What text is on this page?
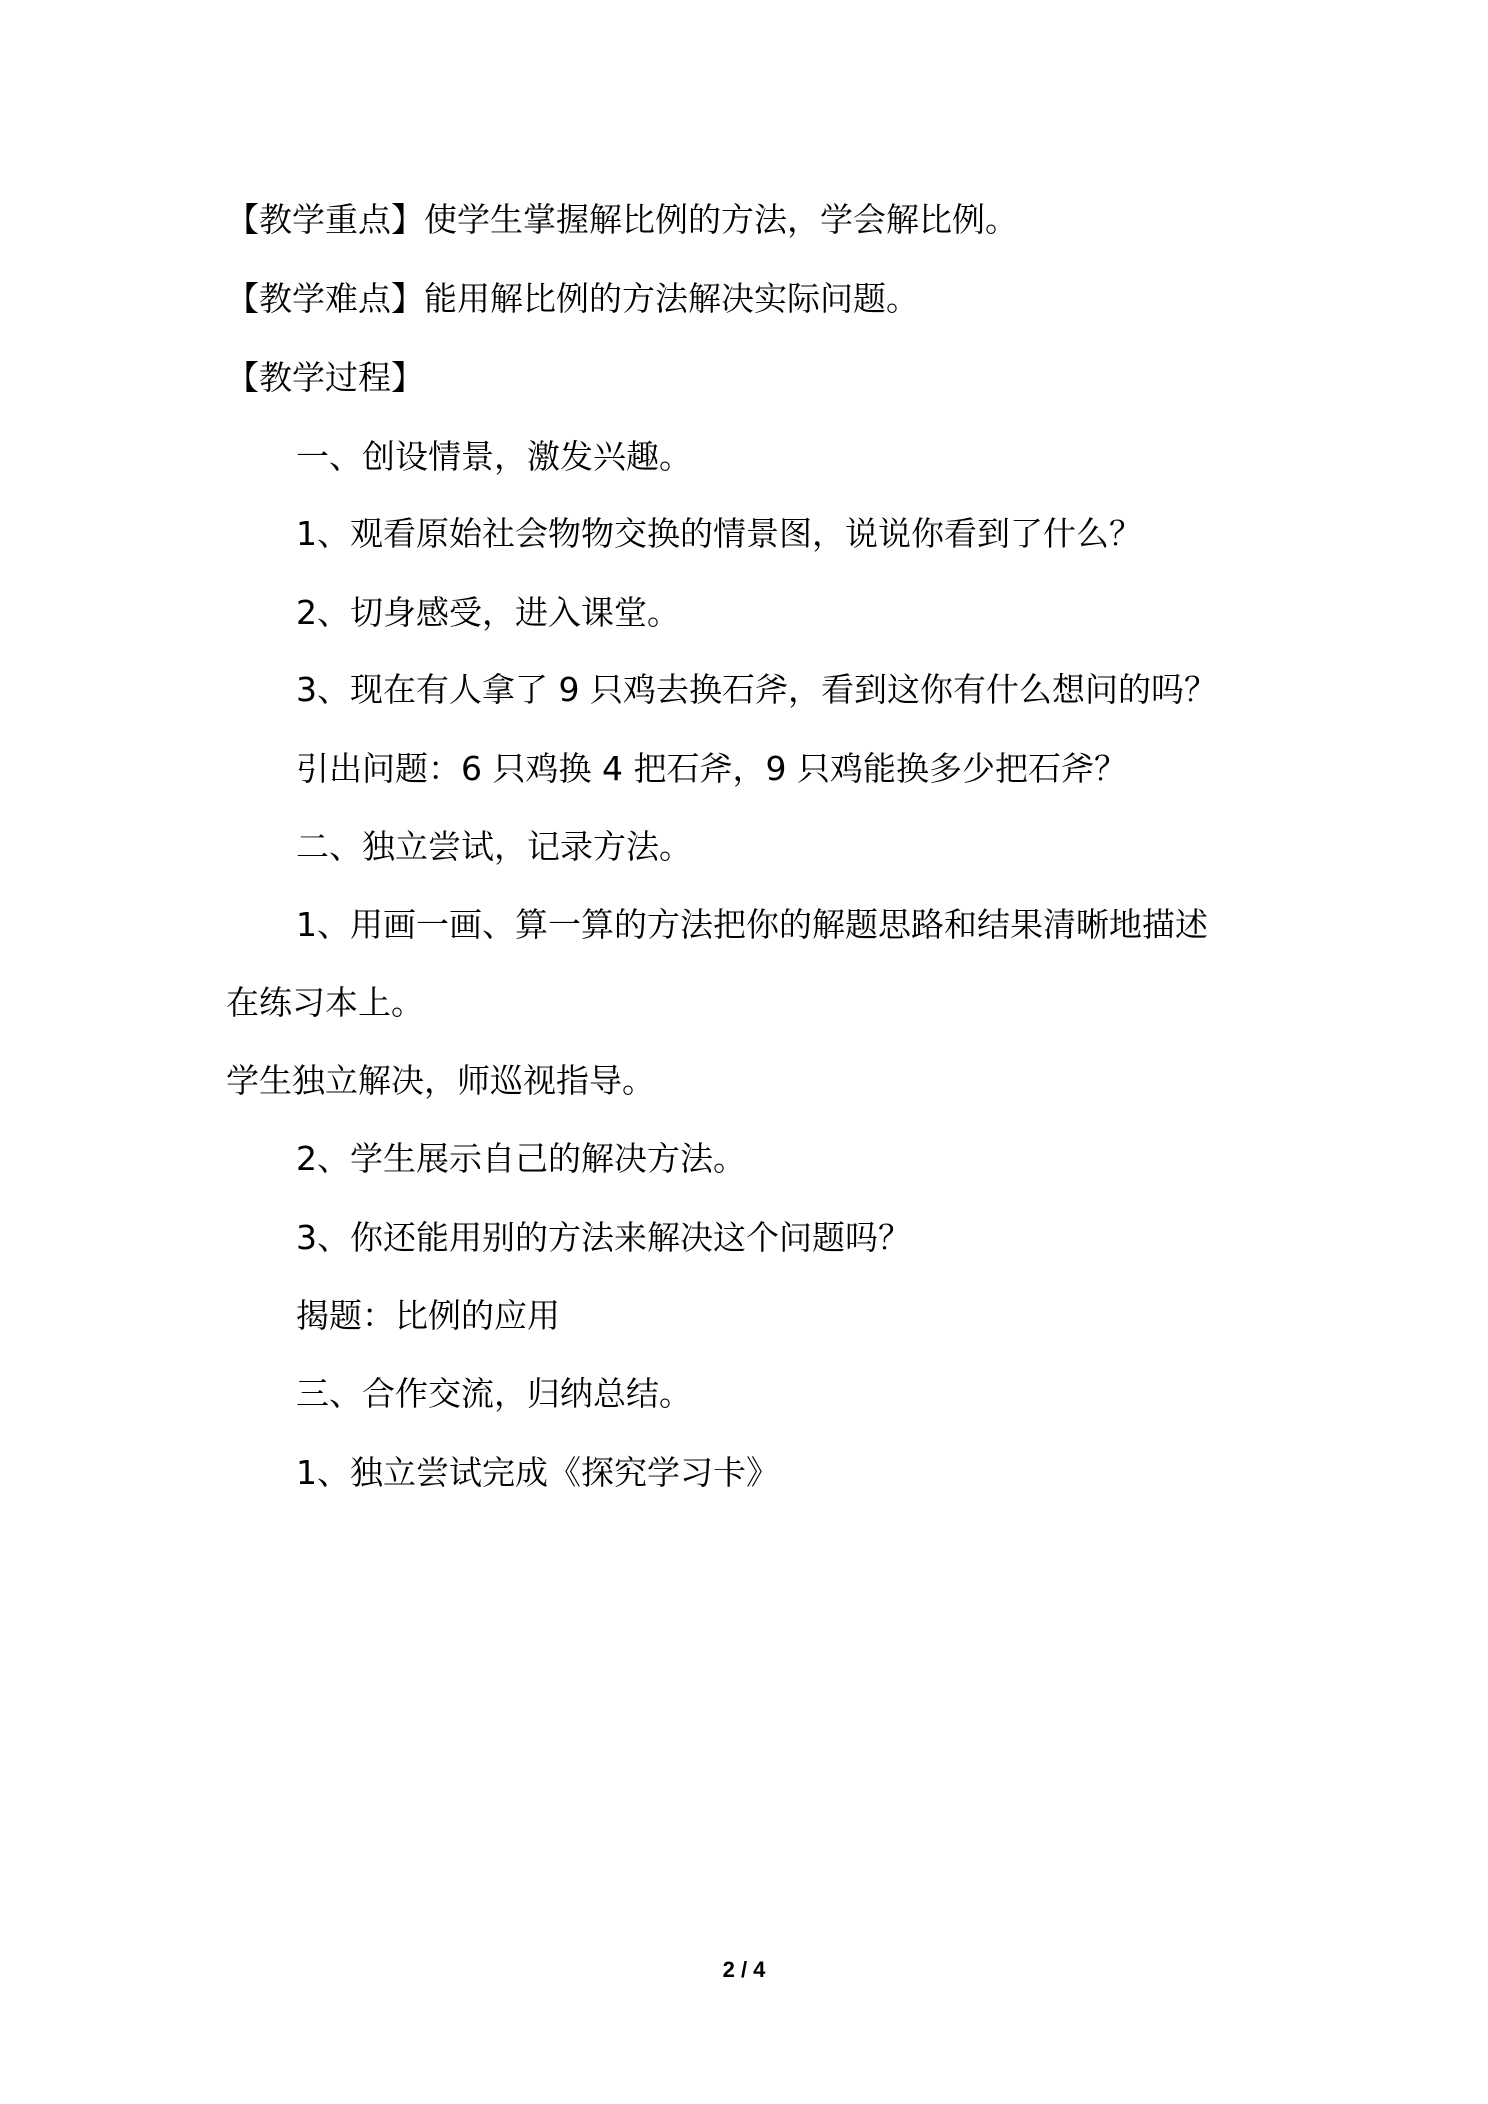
【教学重点】使学生掌握解比例的方法，学会解比例。
【教学难点】能用解比例的方法解决实际问题。
【教学过程】
一、创设情景，激发兴趣。
1、观看原始社会物物交换的情景图，说说你看到了什么？
2、切身感受，进入课堂。
3、现在有人拿了 9 只鸡去换石斧，看到这你有什么想问的吗？
引出问题：6 只鸡换 4 把石斧，9 只鸡能换多少把石斧？
二、独立尝试，记录方法。
1、用画一画、算一算的方法把你的解题思路和结果清晰地描述
在练习本上。
学生独立解决，师巡视指导。
2、学生展示自己的解决方法。
3、你还能用别的方法来解决这个问题吗？
揭题：比例的应用
三、合作交流，归纳总结。
1、独立尝试完成《探究学习卡》
2 / 4
